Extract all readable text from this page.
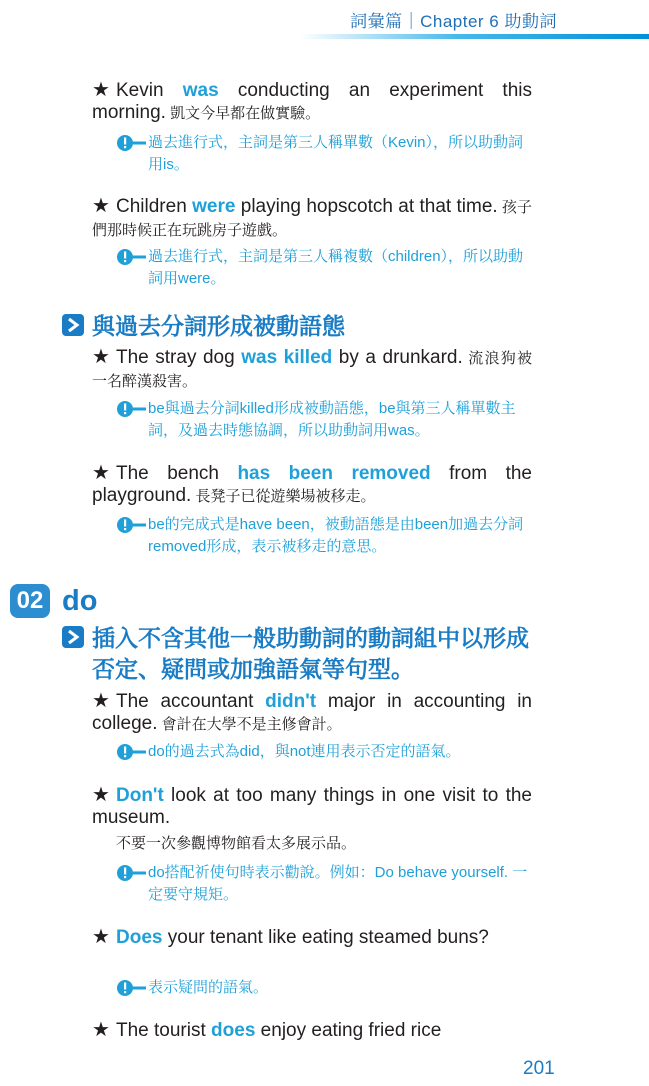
詞彙篇｜Chapter 6 助動詞
★ Kevin was conducting an experiment this morning. 凱文今早都在做實驗。
過去進行式，主詞是第三人稱單數（Kevin），所以助動詞用is。
★ Children were playing hopscotch at that time. 孩子們那時候正在玩跳房子遊戲。
過去進行式，主詞是第三人稱複數（children），所以助動詞用were。
與過去分詞形成被動語態
★ The stray dog was killed by a drunkard. 流浪狗被一名醉漢殺害。
be與過去分詞killed形成被動語態，be與第三人稱單數主詞，及過去時態協調，所以助動詞用was。
★ The bench has been removed from the playground. 長凳子已從遊樂場被移走。
be的完成式是have been，被動語態是由been加過去分詞removed形成，表示被移走的意思。
02 do
插入不含其他一般助動詞的動詞組中以形成否定、疑問或加強語氣等句型。
★ The accountant didn't major in accounting in college. 會計在大學不是主修會計。
do的過去式為did，與not連用表示否定的語氣。
★ Don't look at too many things in one visit to the museum.
不要一次參觀博物館看太多展示品。
do搭配祈使句時表示勸說。例如：Do behave yourself. 一定要守規矩。
★ Does your tenant like eating steamed buns?
表示疑問的語氣。
★ The tourist does enjoy eating fried rice
201
